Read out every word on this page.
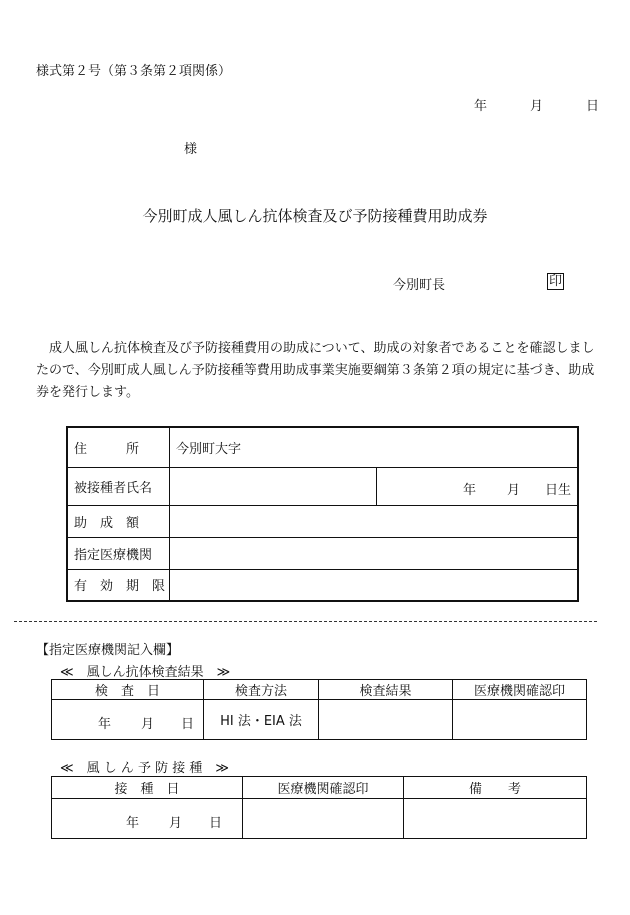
様式第２号（第３条第２項関係）
年	月	日
様
今別町成人風しん抗体検査及び予防接種費用助成券
今別町長	印
成人風しん抗体検査及び予防接種費用の助成について、助成の対象者であることを確認しましたので、今別町成人風しん予防接種等費用助成事業実施要綱第３条第２項の規定に基づき、助成券を発行します。
住　　　所	今別町大字	
被接種者氏名		年 月 日生

助　成　額		
指定医療機関		
有　効　期　限		
【指定医療機関記入欄】
≪　風しん抗体検査結果　≫
検　査　日	検査方法	検査結果	医療機関確認印

年 月 日	HI 法・EIA 法		
≪　風 し ん 予 防 接 種　≫
接　種　日	医療機関確認印	備　　考

年 月 日		
